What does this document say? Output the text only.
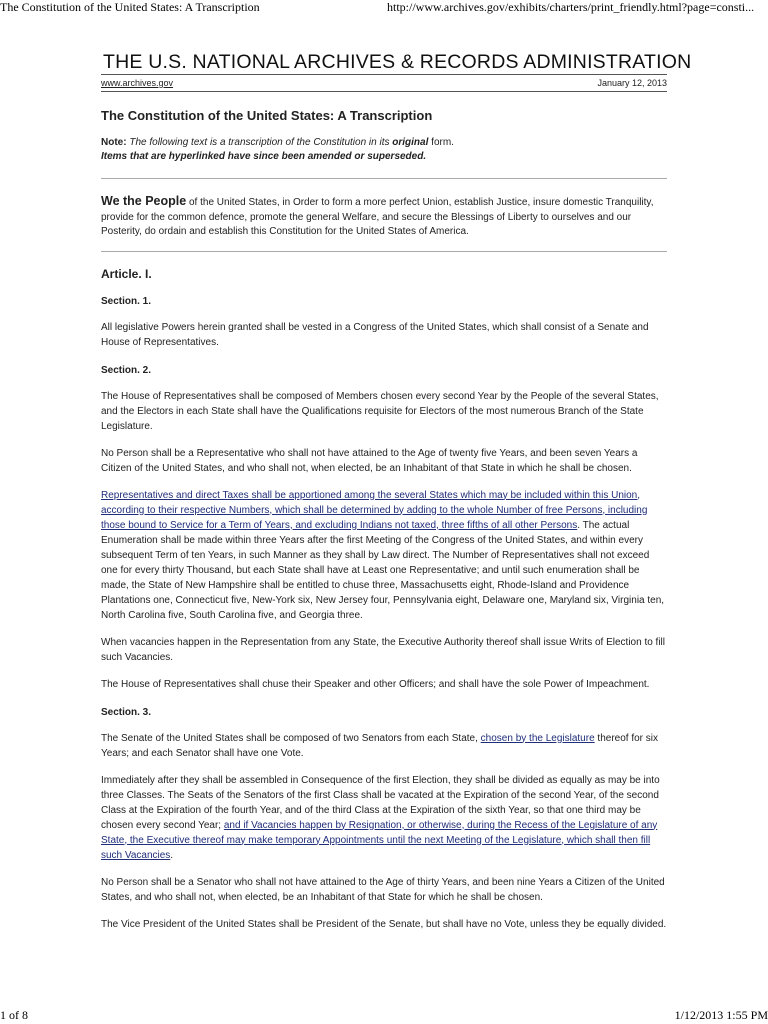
The Constitution of the United States: A Transcription	http://www.archives.gov/exhibits/charters/print_friendly.html?page=consti...
THE U.S. NATIONAL ARCHIVES & RECORDS ADMINISTRATION
www.archives.gov	January 12, 2013
The Constitution of the United States: A Transcription
Note: The following text is a transcription of the Constitution in its original form.
Items that are hyperlinked have since been amended or superseded.
We the People of the United States, in Order to form a more perfect Union, establish Justice, insure domestic Tranquility, provide for the common defence, promote the general Welfare, and secure the Blessings of Liberty to ourselves and our Posterity, do ordain and establish this Constitution for the United States of America.
Article. I.
Section. 1.

All legislative Powers herein granted shall be vested in a Congress of the United States, which shall consist of a Senate and House of Representatives.

Section. 2.

The House of Representatives shall be composed of Members chosen every second Year by the People of the several States, and the Electors in each State shall have the Qualifications requisite for Electors of the most numerous Branch of the State Legislature.

No Person shall be a Representative who shall not have attained to the Age of twenty five Years, and been seven Years a Citizen of the United States, and who shall not, when elected, be an Inhabitant of that State in which he shall be chosen.

Representatives and direct Taxes shall be apportioned among the several States which may be included within this Union, according to their respective Numbers, which shall be determined by adding to the whole Number of free Persons, including those bound to Service for a Term of Years, and excluding Indians not taxed, three fifths of all other Persons. The actual Enumeration shall be made within three Years after the first Meeting of the Congress of the United States, and within every subsequent Term of ten Years, in such Manner as they shall by Law direct. The Number of Representatives shall not exceed one for every thirty Thousand, but each State shall have at Least one Representative; and until such enumeration shall be made, the State of New Hampshire shall be entitled to chuse three, Massachusetts eight, Rhode-Island and Providence Plantations one, Connecticut five, New-York six, New Jersey four, Pennsylvania eight, Delaware one, Maryland six, Virginia ten, North Carolina five, South Carolina five, and Georgia three.

When vacancies happen in the Representation from any State, the Executive Authority thereof shall issue Writs of Election to fill such Vacancies.

The House of Representatives shall chuse their Speaker and other Officers; and shall have the sole Power of Impeachment.

Section. 3.

The Senate of the United States shall be composed of two Senators from each State, chosen by the Legislature thereof for six Years; and each Senator shall have one Vote.

Immediately after they shall be assembled in Consequence of the first Election, they shall be divided as equally as may be into three Classes. The Seats of the Senators of the first Class shall be vacated at the Expiration of the second Year, of the second Class at the Expiration of the fourth Year, and of the third Class at the Expiration of the sixth Year, so that one third may be chosen every second Year; and if Vacancies happen by Resignation, or otherwise, during the Recess of the Legislature of any State, the Executive thereof may make temporary Appointments until the next Meeting of the Legislature, which shall then fill such Vacancies.

No Person shall be a Senator who shall not have attained to the Age of thirty Years, and been nine Years a Citizen of the United States, and who shall not, when elected, be an Inhabitant of that State for which he shall be chosen.

The Vice President of the United States shall be President of the Senate, but shall have no Vote, unless they be equally divided.

1 of 8	1/12/2013 1:55 PM
